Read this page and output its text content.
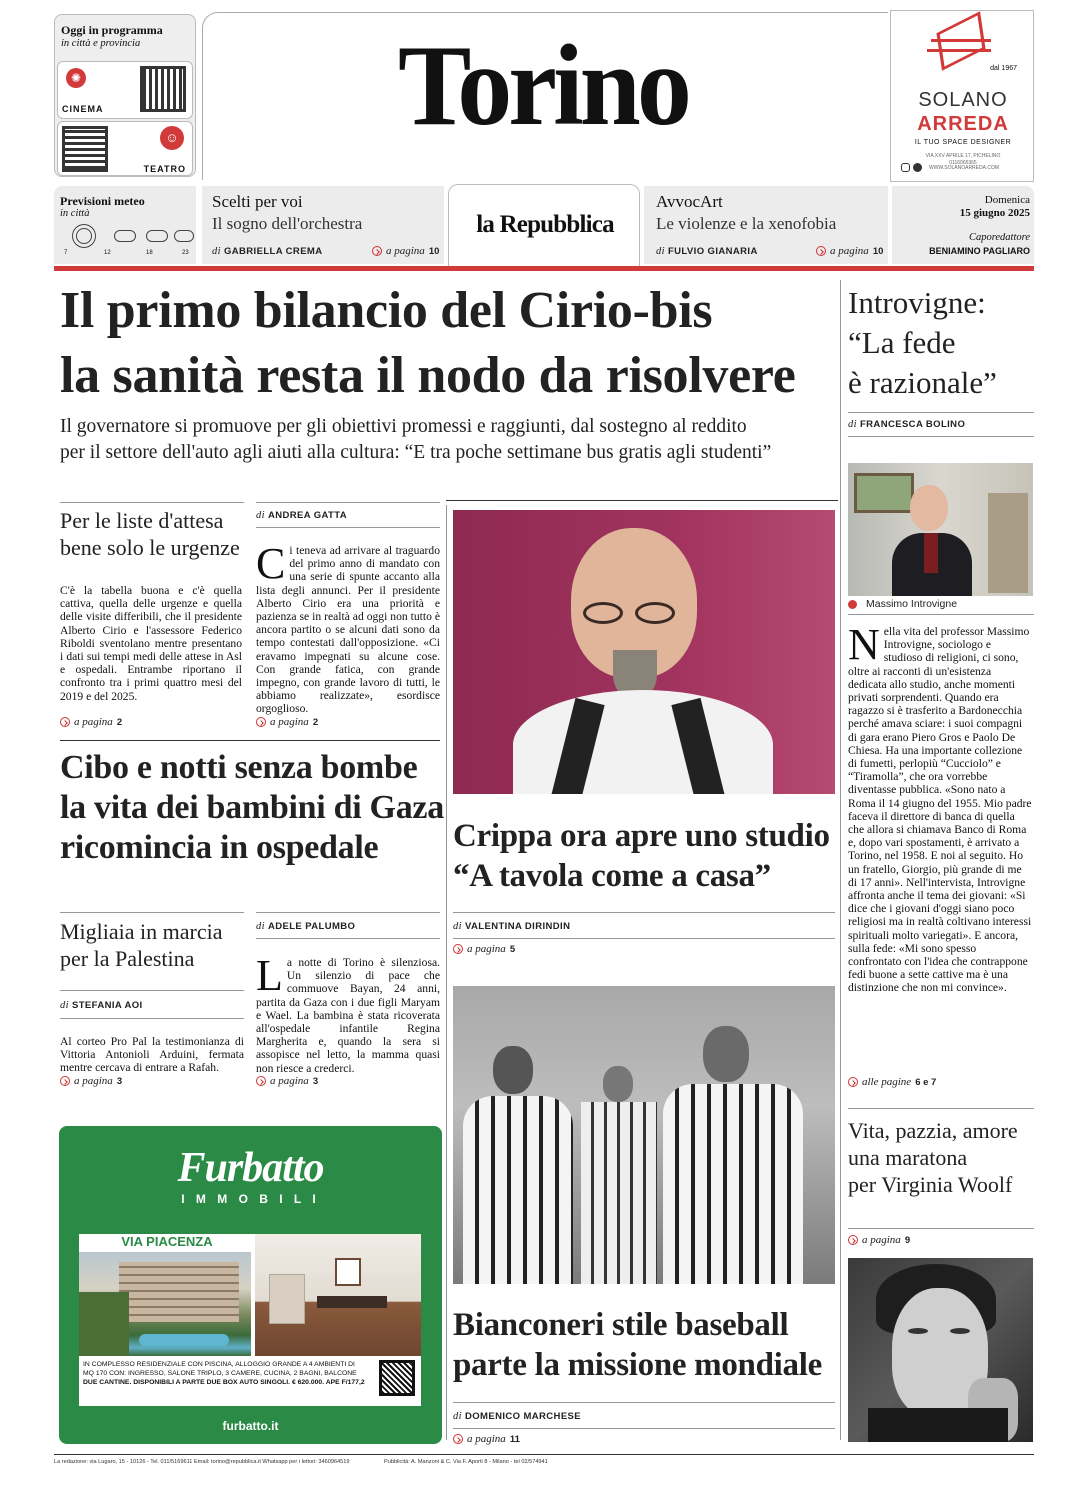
Oggi in programma
in città e provincia
✺
CINEMA
☺
TEATRO
Torino	dal 1967
SOLANO
ARREDA
IL TUO SPACE DESIGNER
VIA XXV APRILE 17, PICHELINO
0116065365
WWW.SOLANOARREDA.COM
Previsioni meteo
in città
7	12	18	23
Scelti per voi
Il sogno dell'orchestra
di GABRIELLA CREMA	a pagina 10
la Repubblica
AvvocArt
Le violenze e la xenofobia
di FULVIO GIANARIA	a pagina 10
Domenica
15 giugno 2025
Caporedattore
BENIAMINO PAGLIARO
Il primo bilancio del Cirio-bis
la sanità resta il nodo da risolvere
Il governatore si promuove per gli obiettivi promessi e raggiunti, dal sostegno al reddito
per il settore dell'auto agli aiuti alla cultura: “E tra poche settimane bus gratis agli studenti”
Per le liste d'attesa
bene solo le urgenze
C'è la tabella buona e c'è quella cattiva, quella delle urgenze e quella delle visite differibili, che il presidente Alberto Cirio e l'assessore Federico Riboldi sventolano mentre presentano i dati sui tempi medi delle attese in Asl e ospedali. Entrambe riportano il confronto tra i primi quattro mesi del 2019 e del 2025.
a pagina 2
di ANDREA GATTA
Ci teneva ad arrivare al traguardo del primo anno di mandato con una serie di spunte accanto alla lista degli annunci. Per il presidente Alberto Cirio era una priorità e pazienza se in realtà ad oggi non tutto è ancora partito o se alcuni dati sono da tempo contestati dall'opposizione. «Ci eravamo impegnati su alcune cose. Con grande fatica, con grande impegno, con grande lavoro di tutti, le abbiamo realizzate», esordisce orgoglioso.
a pagina 2
Cibo e notti senza bombe
la vita dei bambini di Gaza
ricomincia in ospedale
Migliaia in marcia
per la Palestina
di STEFANIA AOI
Al corteo Pro Pal la testimonianza di Vittoria Antonioli Arduini, fermata mentre cercava di entrare a Rafah.
a pagina 3
di ADELE PALUMBO
La notte di Torino è silenziosa. Un silenzio di pace che commuove Bayan, 24 anni, partita da Gaza con i due figli Maryam e Wael. La bambina è stata ricoverata all'ospedale infantile Regina Margherita e, quando la sera si assopisce nel letto, la mamma quasi non riesce a crederci.
a pagina 3
Furbatto
I M M O B I L I
VIA PIACENZA
IN COMPLESSO RESIDENZIALE CON PISCINA, ALLOGGIO GRANDE A 4 AMBIENTI DI
MQ 170 CON: INGRESSO, SALONE TRIPLO, 3 CAMERE, CUCINA, 2 BAGNI, BALCONE
DUE CANTINE. DISPONIBILI A PARTE DUE BOX AUTO SINGOLI. € 620.000. APE F/177,2
furbatto.it
Crippa ora apre uno studio
“A tavola come a casa”
di VALENTINA DIRINDIN
a pagina 5
Bianconeri stile baseball
parte la missione mondiale
di DOMENICO MARCHESE
a pagina 11
Introvigne:
“La fede
è razionale”
di FRANCESCA BOLINO
Massimo Introvigne
Nella vita del professor Massimo Introvigne, sociologo e studioso di religioni, ci sono, oltre ai racconti di un'esistenza dedicata allo studio, anche momenti privati sorprendenti. Quando era ragazzo si è trasferito a Bardonecchia perché amava sciare: i suoi compagni di gara erano Piero Gros e Paolo De Chiesa. Ha una importante collezione di fumetti, perlopiù “Cucciolo” e “Tiramolla”, che ora vorrebbe diventasse pubblica. «Sono nato a Roma il 14 giugno del 1955. Mio padre faceva il direttore di banca di quella che allora si chiamava Banco di Roma e, dopo vari spostamenti, è arrivato a Torino, nel 1958. E noi al seguito. Ho un fratello, Giorgio, più grande di me di 17 anni». Nell'intervista, Introvigne affronta anche il tema dei giovani: «Si dice che i giovani d'oggi siano poco religiosi ma in realtà coltivano interessi spirituali molto variegati». E ancora, sulla fede: «Mi sono spesso confrontato con l'idea che contrappone fedi buone a sette cattive ma è una distinzione che non mi convince».
alle pagine 6 e 7
Vita, pazzia, amore
una maratona
per Virginia Woolf
a pagina 9
La redazione: via Lugaro, 15 - 10126 - Tel. 011/5169611 Email: torino@repubblica.it Whatsapp per i lettori: 3460964519	Pubblicità: A. Manzoni & C. Via F. Aporti 8 - Milano - tel 02/574941
